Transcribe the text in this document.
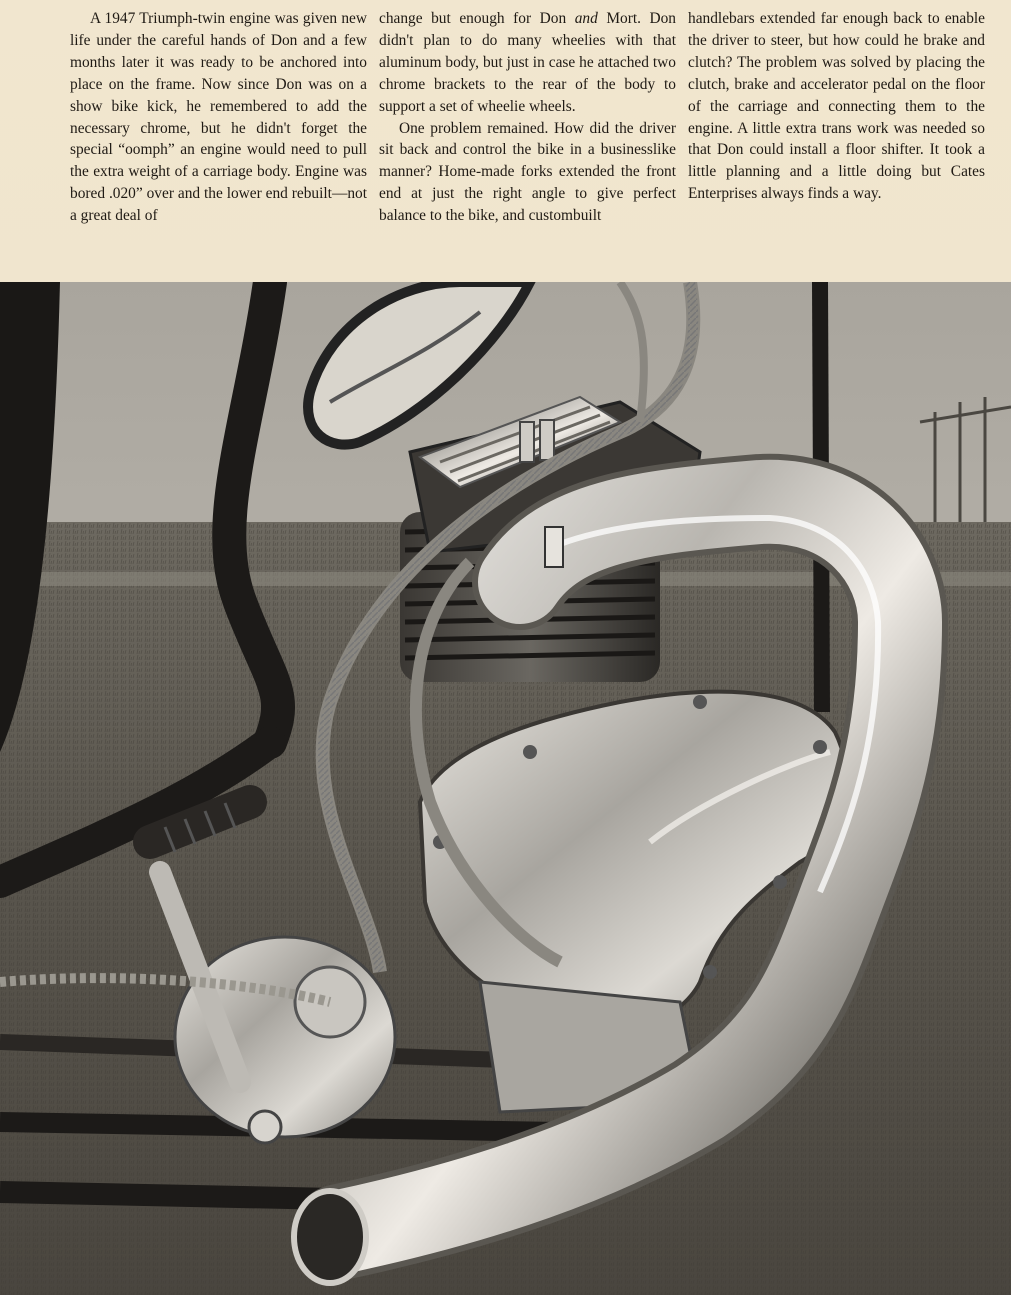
A 1947 Triumph-twin engine was given new life under the careful hands of Don and a few months later it was ready to be anchored into place on the frame. Now since Don was on a show bike kick, he remembered to add the necessary chrome, but he didn't forget the special “oomph” an engine would need to pull the extra weight of a carriage body. Engine was bored .020” over and the lower end rebuilt—not a great deal of

change but enough for Don and Mort. Don didn't plan to do many wheelies with that aluminum body, but just in case he attached two chrome brackets to the rear of the body to support a set of wheelie wheels.

One problem remained. How did the driver sit back and control the bike in a businesslike manner? Home-made forks extended the front end at just the right angle to give perfect balance to the bike, and custombuilt

handlebars extended far enough back to enable the driver to steer, but how could he brake and clutch? The problem was solved by placing the clutch, brake and accelerator pedal on the floor of the carriage and connecting them to the engine. A little extra trans work was needed so that Don could install a floor shifter. It took a little planning and a little doing but Cates Enterprises always finds a way.
